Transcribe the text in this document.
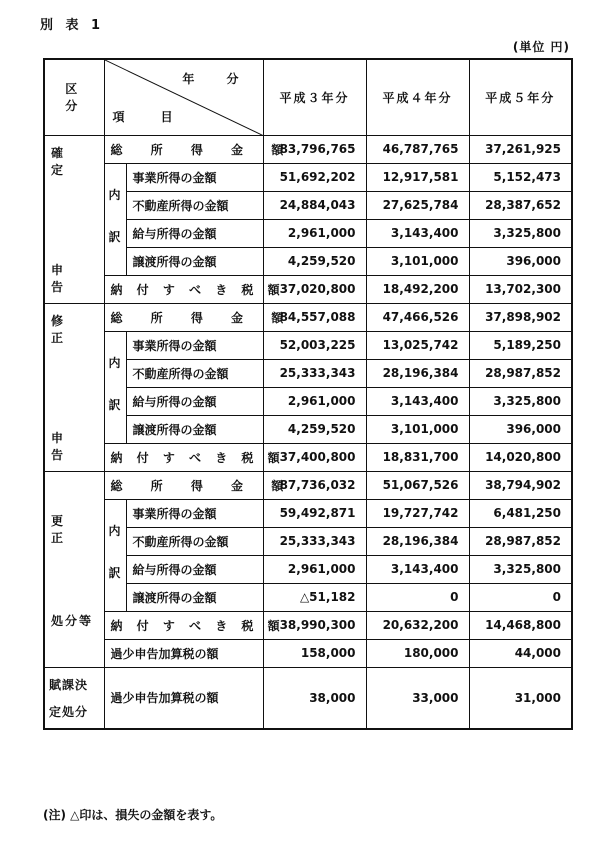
別 表 1
(単位 円)
区 分	年 分
項 目		平成３年分	平成４年分	平成５年分

確 定
申 告	総 所 得 金 額		83,796,765	46,787,765	37,261,925

	内
訳	事業所得の金額	51,692,202	12,917,581	5,152,473
		不動産所得の金額	24,884,043	27,625,784	28,387,652
		給与所得の金額	2,961,000	3,143,400	3,325,800
		譲渡所得の金額	4,259,520	3,101,000	396,000
	納 付 す べ き 税 額		37,020,800	18,492,200	13,702,300

修 正
申 告	総 所 得 金 額		84,557,088	47,466,526	37,898,902

	内
訳	事業所得の金額	52,003,225	13,025,742	5,189,250
		不動産所得の金額	25,333,343	28,196,384	28,987,852
		給与所得の金額	2,961,000	3,143,400	3,325,800
		譲渡所得の金額	4,259,520	3,101,000	396,000
	納 付 す べ き 税 額		37,400,800	18,831,700	14,020,800

更 正
処分等	総 所 得 金 額		87,736,032	51,067,526	38,794,902

	内
訳	事業所得の金額	59,492,871	19,727,742	6,481,250
		不動産所得の金額	25,333,343	28,196,384	28,987,852
		給与所得の金額	2,961,000	3,143,400	3,325,800
		譲渡所得の金額	△51,182	0	0
	納 付 す べ き 税 額		38,990,300	20,632,200	14,468,800
	過少申告加算税の額		158,000	180,000	44,000

賦課決
定処分	過少申告加算税の額		38,000	33,000	31,000
(注) △印は、損失の金額を表す。
